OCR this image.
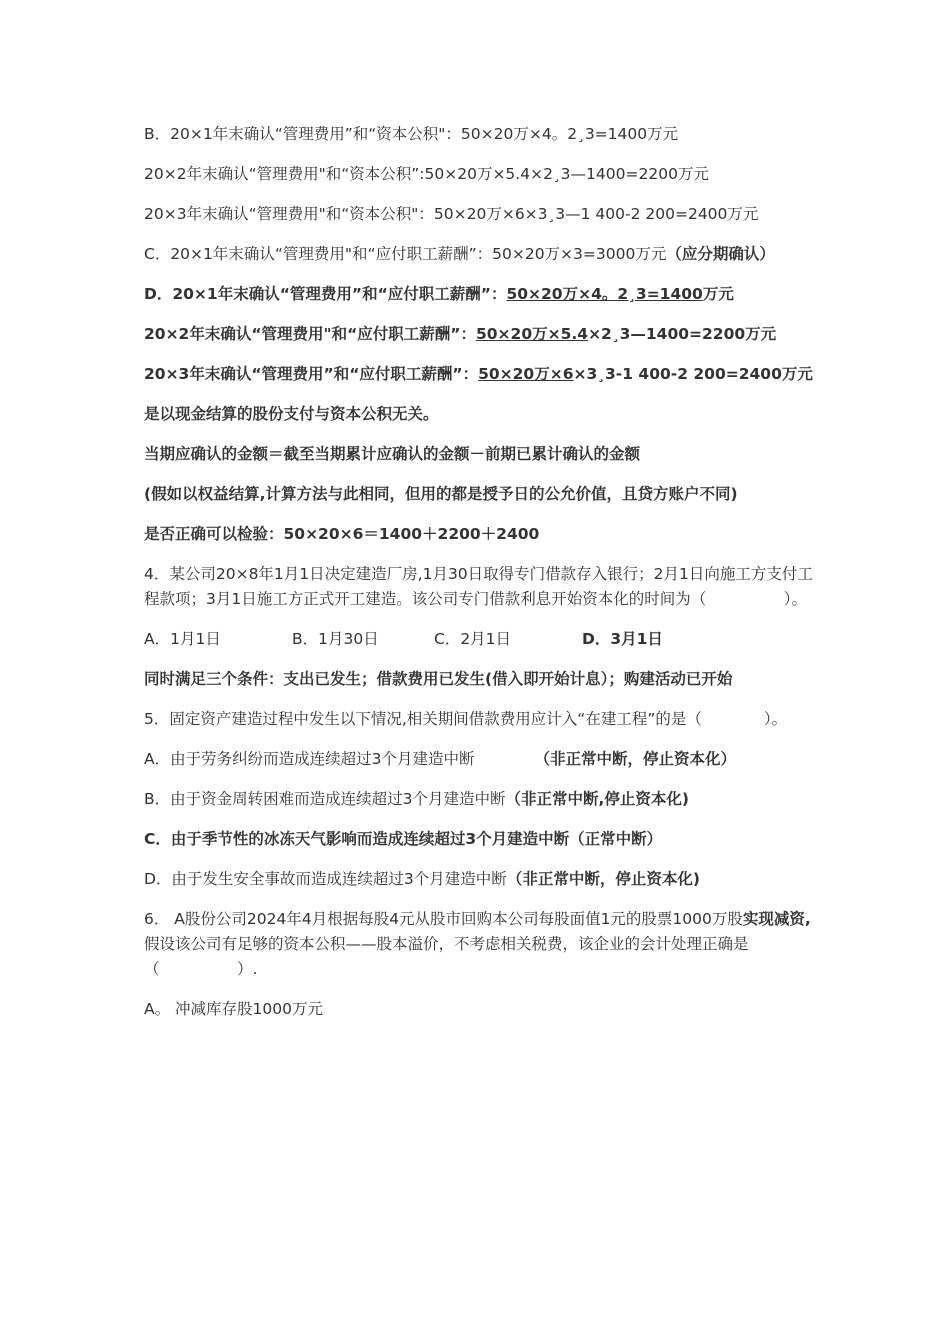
B．20×1年末确认“管理费用”和“资本公积"：50×20万×4。2¸3=1400万元

20×2年末确认“管理费用"和“资本公积”:50×20万×5.4×2¸3—1400=2200万元

20×3年末确认“管理费用"和“资本公积"：50×20万×6×3¸3—1 400-2 200=2400万元

C．20×1年末确认“管理费用"和“应付职工薪酬”：50×20万×3=3000万元（应分期确认）

D．20×1年末确认“管理费用”和“应付职工薪酬”：50×20万×4。2¸3=1400万元

20×2年末确认“管理费用"和“应付职工薪酬”：50×20万×5.4×2¸3—1400=2200万元

20×3年末确认“管理费用”和“应付职工薪酬”：50×20万×6×3¸3-1 400-2 200=2400万元

是以现金结算的股份支付与资本公积无关。

当期应确认的金额＝截至当期累计应确认的金额－前期已累计确认的金额

(假如以权益结算,计算方法与此相同，但用的都是授予日的公允价值，且贷方账户不同)

是否正确可以检验：50×20×6＝1400＋2200＋2400

4．某公司20×8年1月1日决定建造厂房,1月30日取得专门借款存入银行；2月1日向施工方支付工程款项；3月1日施工方正式开工建造。该公司专门借款利息开始资本化的时间为（　　　　　）。

A．1月1日	B．1月30日	C．2月1日	D．3月1日

同时满足三个条件：支出已发生；借款费用已发生(借入即开始计息）；购建活动已开始

5．固定资产建造过程中发生以下情况,相关期间借款费用应计入“在建工程”的是（　　　　）。

A．由于劳务纠纷而造成连续超过3个月建造中断	（非正常中断，停止资本化）

B．由于资金周转困难而造成连续超过3个月建造中断（非正常中断,停止资本化)

C．由于季节性的冰冻天气影响而造成连续超过3个月建造中断（正常中断）

D．由于发生安全事故而造成连续超过3个月建造中断（非正常中断，停止资本化)

6． A股份公司2024年4月根据每股4元从股市回购本公司每股面值1元的股票1000万股实现减资,假设该公司有足够的资本公积——股本溢价，不考虑相关税费，该企业的会计处理正确是（　　　　　）.

A。 冲减库存股1000万元
